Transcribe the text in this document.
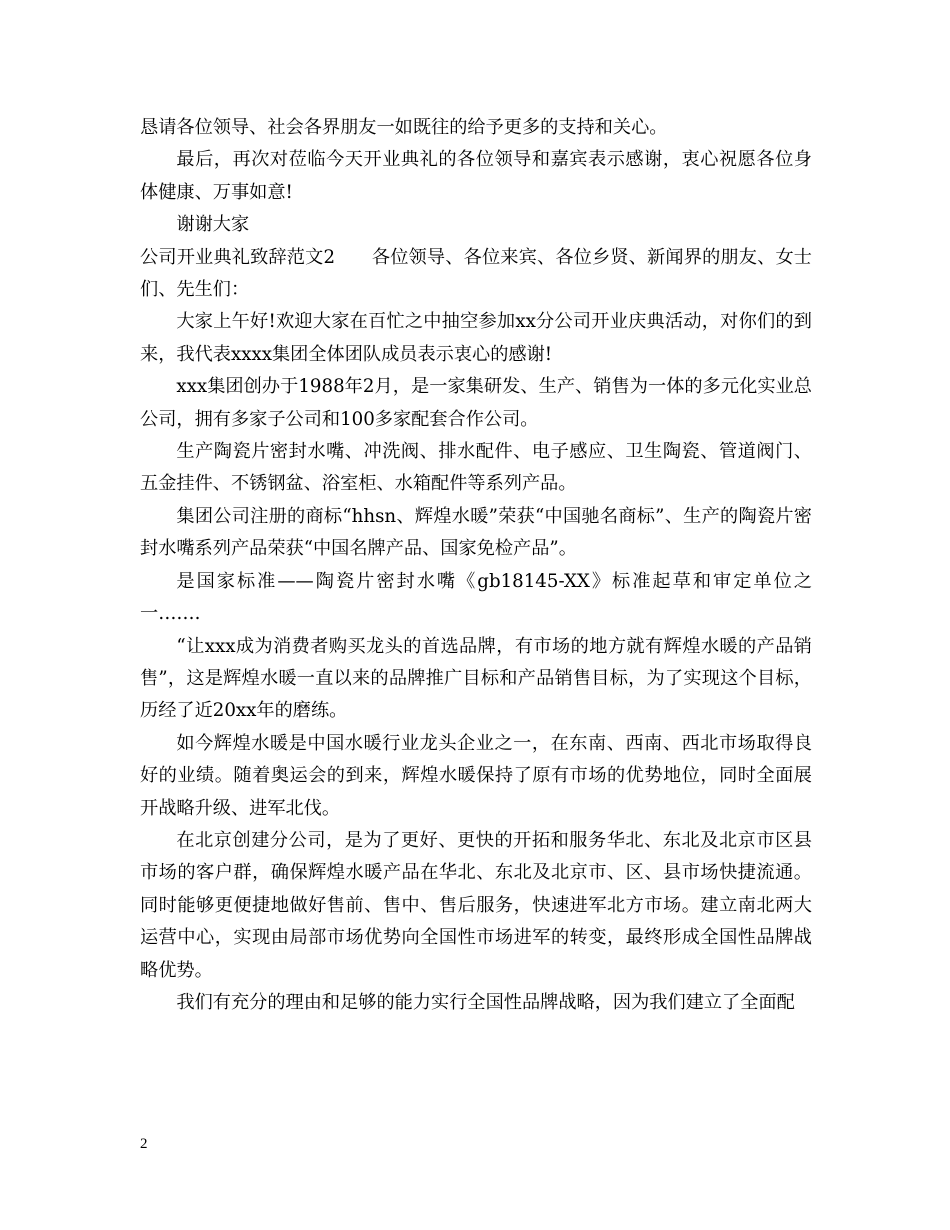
恳请各位领导、社会各界朋友一如既往的给予更多的支持和关心。

最后，再次对莅临今天开业典礼的各位领导和嘉宾表示感谢，衷心祝愿各位身体健康、万事如意!

谢谢大家

公司开业典礼致辞范文2　　各位领导、各位来宾、各位乡贤、新闻界的朋友、女士们、先生们：

大家上午好!欢迎大家在百忙之中抽空参加xx分公司开业庆典活动，对你们的到来，我代表xxxx集团全体团队成员表示衷心的感谢!

xxx集团创办于1988年2月，是一家集研发、生产、销售为一体的多元化实业总公司，拥有多家子公司和100多家配套合作公司。

生产陶瓷片密封水嘴、冲洗阀、排水配件、电子感应、卫生陶瓷、管道阀门、五金挂件、不锈钢盆、浴室柜、水箱配件等系列产品。

集团公司注册的商标“hhsn、辉煌水暖”荣获“中国驰名商标”、生产的陶瓷片密封水嘴系列产品荣获“中国名牌产品、国家免检产品”。

是国家标准——陶瓷片密封水嘴《gb18145-XX》标准起草和审定单位之一…….

“让xxx成为消费者购买龙头的首选品牌，有市场的地方就有辉煌水暖的产品销售”，这是辉煌水暖一直以来的品牌推广目标和产品销售目标，为了实现这个目标，历经了近20xx年的磨练。

如今辉煌水暖是中国水暖行业龙头企业之一，在东南、西南、西北市场取得良好的业绩。随着奥运会的到来，辉煌水暖保持了原有市场的优势地位，同时全面展开战略升级、进军北伐。

在北京创建分公司，是为了更好、更快的开拓和服务华北、东北及北京市区县市场的客户群，确保辉煌水暖产品在华北、东北及北京市、区、县市场快捷流通。同时能够更便捷地做好售前、售中、售后服务，快速进军北方市场。建立南北两大运营中心，实现由局部市场优势向全国性市场进军的转变，最终形成全国性品牌战略优势。

我们有充分的理由和足够的能力实行全国性品牌战略，因为我们建立了全面配

2
